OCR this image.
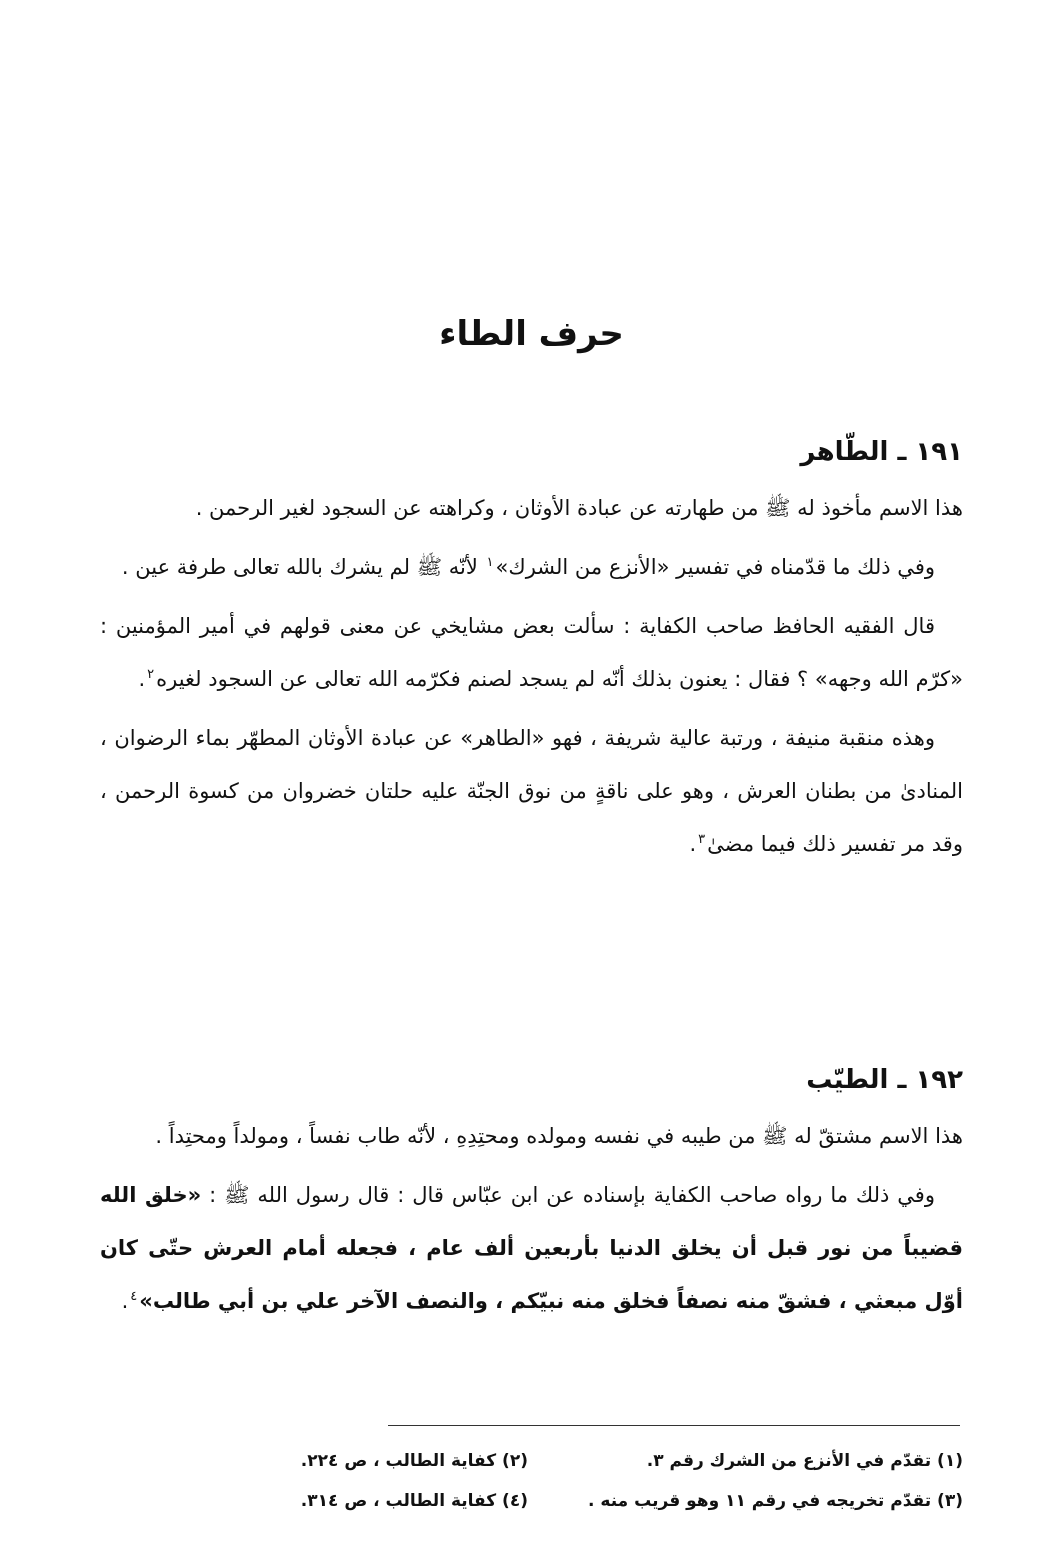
حرف الطاء
١٩١ ـ الطّاهر

هذا الاسم مأخوذ له ﷺ من طهارته عن عبادة الأوثان ، وكراهته عن السجود لغير الرحمن .

وفي ذلك ما قدّمناه في تفسير «الأنزع من الشرك»$^١$ لأنّه ﷺ لم يشرك بالله تعالى طرفة عين .

قال الفقيه الحافظ صاحب الكفاية : سألت بعض مشايخي عن معنى قولهم في أمير المؤمنين : «كرّم الله وجهه» ؟ فقال : يعنون بذلك أنّه لم يسجد لصنم فكرّمه الله تعالى عن السجود لغيره$^٢$.

وهذه منقبة منيفة ، ورتبة عالية شريفة ، فهو «الطاهر» عن عبادة الأوثان المطهّر بماء الرضوان ، المنادىٰ من بطنان العرش ، وهو على ناقةٍ من نوق الجنّة عليه حلتان خضروان من كسوة الرحمن ، وقد مر تفسير ذلك فيما مضىٰ$^٣$.

١٩٢ ـ الطيّب

هذا الاسم مشتقّ له ﷺ من طيبه في نفسه ومولده ومحتِدِهِ ، لأنّه طاب نفساً ، ومولداً ومحتِداً .

وفي ذلك ما رواه صاحب الكفاية بإسناده عن ابن عبّاس قال : قال رسول الله ﷺ : «خلق الله قضيباً من نور قبل أن يخلق الدنيا بأربعين ألف عام ، فجعله أمام العرش حتّى كان أوّل مبعثي ، فشقّ منه نصفاً فخلق منه نبيّكم ، والنصف الآخر علي بن أبي طالب»$^٤$.

(١) تقدّم في الأنزع من الشرك رقم ٣.
(٢) كفاية الطالب ، ص ٢٢٤.
(٣) تقدّم تخريجه في رقم ١١ وهو قريب منه .
(٤) كفاية الطالب ، ص ٣١٤.
